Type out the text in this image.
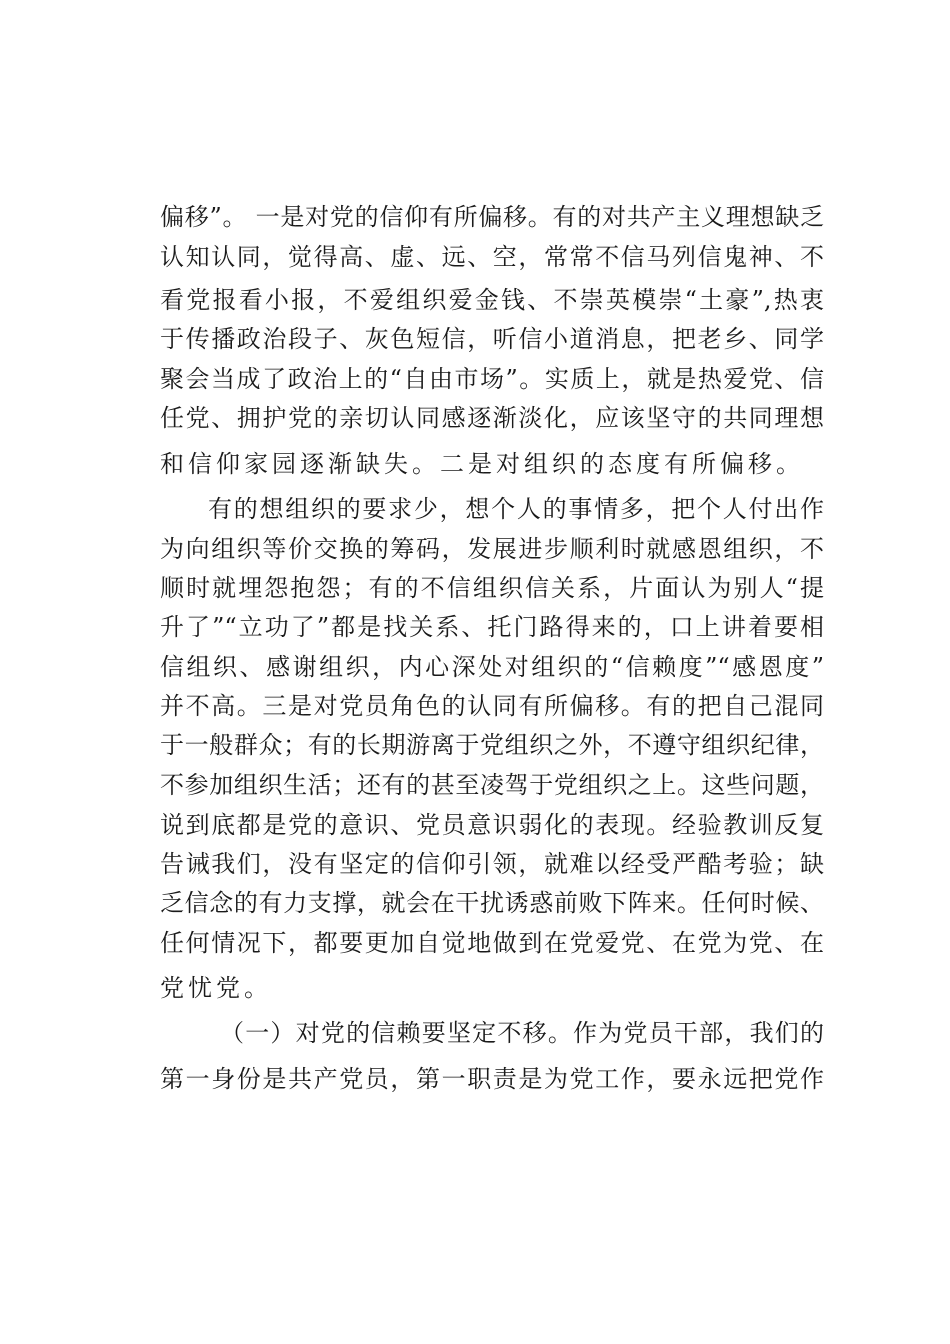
偏移”。 一是对党的信仰有所偏移。有的对共产主义理想缺乏
认知认同，觉得高、虚、远、空，常常不信马列信鬼神、不
看党报看小报，不爱组织爱金钱、不崇英模崇“土豪”,热衷
于传播政治段子、灰色短信，听信小道消息，把老乡、同学
聚会当成了政治上的“自由市场”。实质上，就是热爱党、信
任党、拥护党的亲切认同感逐渐淡化，应该坚守的共同理想
和信仰家园逐渐缺失。二是对组织的态度有所偏移。
有的想组织的要求少，想个人的事情多，把个人付出作
为向组织等价交换的筹码，发展进步顺利时就感恩组织，不
顺时就埋怨抱怨；有的不信组织信关系，片面认为别人“提
升了”“立功了”都是找关系、托门路得来的，口上讲着要相
信组织、感谢组织，内心深处对组织的“信赖度”“感恩度”
并不高。三是对党员角色的认同有所偏移。有的把自己混同
于一般群众；有的长期游离于党组织之外，不遵守组织纪律，
不参加组织生活；还有的甚至凌驾于党组织之上。这些问题，
说到底都是党的意识、党员意识弱化的表现。经验教训反复
告诫我们，没有坚定的信仰引领，就难以经受严酷考验；缺
乏信念的有力支撑，就会在干扰诱惑前败下阵来。任何时候、
任何情况下，都要更加自觉地做到在党爱党、在党为党、在
党忧党。
（一）对党的信赖要坚定不移。作为党员干部，我们的
第一身份是共产党员，第一职责是为党工作，要永远把党作
